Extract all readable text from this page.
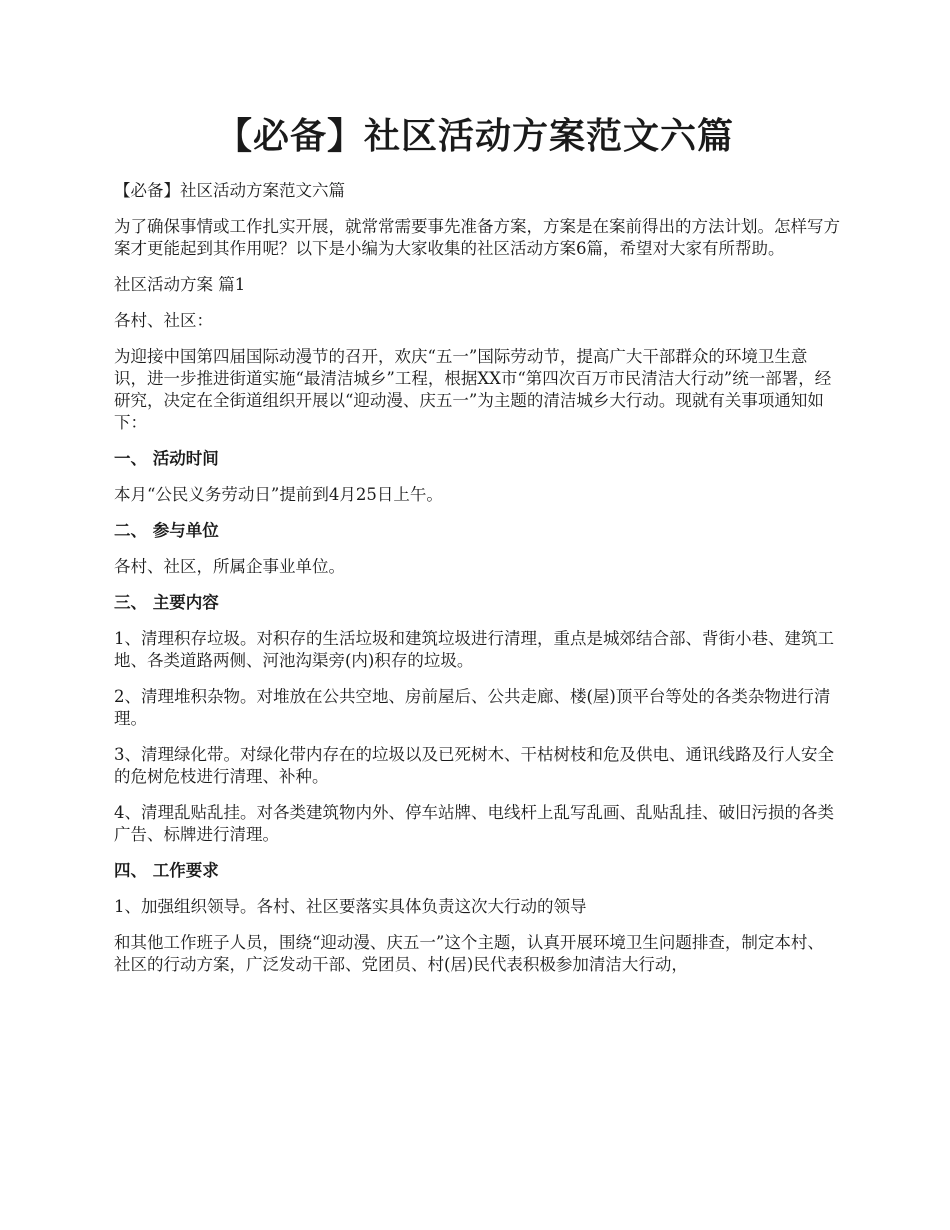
【必备】社区活动方案范文六篇

【必备】社区活动方案范文六篇

为了确保事情或工作扎实开展，就常常需要事先准备方案，方案是在案前得出的方法计划。怎样写方案才更能起到其作用呢？以下是小编为大家收集的社区活动方案6篇，希望对大家有所帮助。

社区活动方案 篇1

各村、社区：

为迎接中国第四届国际动漫节的召开，欢庆“五一”国际劳动节，提高广大干部群众的环境卫生意识，进一步推进街道实施“最清洁城乡”工程，根据XX市“第四次百万市民清洁大行动”统一部署，经研究，决定在全街道组织开展以“迎动漫、庆五一”为主题的清洁城乡大行动。现就有关事项通知如下：

一、 活动时间

本月“公民义务劳动日”提前到4月25日上午。

二、 参与单位

各村、社区，所属企事业单位。

三、 主要内容

1、清理积存垃圾。对积存的生活垃圾和建筑垃圾进行清理，重点是城郊结合部、背街小巷、建筑工地、各类道路两侧、河池沟渠旁(内)积存的垃圾。

2、清理堆积杂物。对堆放在公共空地、房前屋后、公共走廊、楼(屋)顶平台等处的各类杂物进行清理。

3、清理绿化带。对绿化带内存在的垃圾以及已死树木、干枯树枝和危及供电、通讯线路及行人安全的危树危枝进行清理、补种。

4、清理乱贴乱挂。对各类建筑物内外、停车站牌、电线杆上乱写乱画、乱贴乱挂、破旧污损的各类广告、标牌进行清理。

四、 工作要求

1、加强组织领导。各村、社区要落实具体负责这次大行动的领导

和其他工作班子人员，围绕“迎动漫、庆五一”这个主题，认真开展环境卫生问题排查，制定本村、社区的行动方案，广泛发动干部、党团员、村(居)民代表积极参加清洁大行动，
